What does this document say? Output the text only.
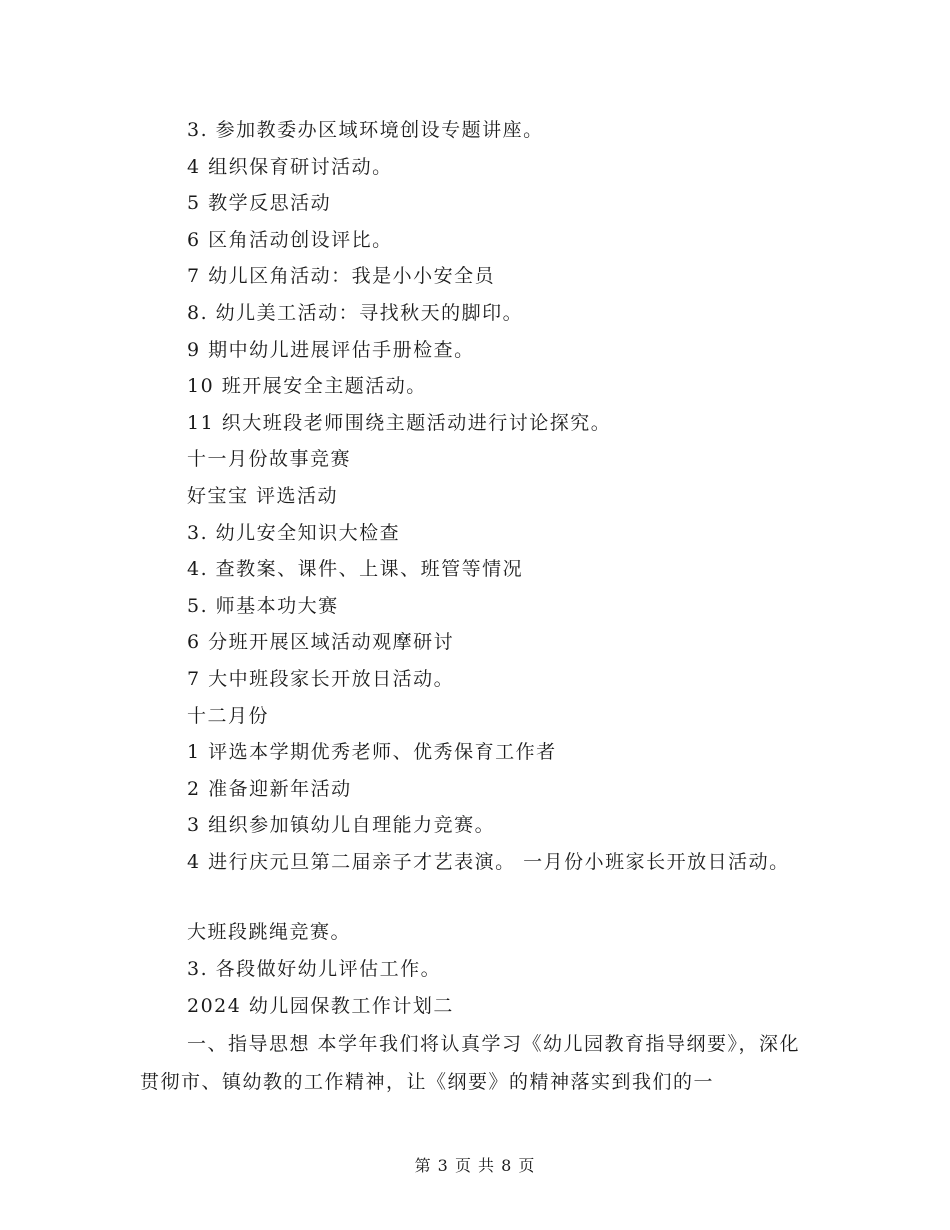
3. 参加教委办区域环境创设专题讲座。
4 组织保育研讨活动。
5 教学反思活动
6 区角活动创设评比。
7 幼儿区角活动：我是小小安全员
8. 幼儿美工活动：寻找秋天的脚印。
9 期中幼儿进展评估手册检查。
10 班开展安全主题活动。
11 织大班段老师围绕主题活动进行讨论探究。
十一月份故事竞赛
好宝宝 评选活动
3. 幼儿安全知识大检查
4. 查教案、课件、上课、班管等情况
5. 师基本功大赛
6 分班开展区域活动观摩研讨
7 大中班段家长开放日活动。
十二月份
1 评选本学期优秀老师、优秀保育工作者
2 准备迎新年活动
3 组织参加镇幼儿自理能力竞赛。
4 进行庆元旦第二届亲子才艺表演。 一月份小班家长开放日活动。
大班段跳绳竞赛。
3. 各段做好幼儿评估工作。
2024 幼儿园保教工作计划二
一、指导思想 本学年我们将认真学习《幼儿园教育指导纲要》，深化贯彻市、镇幼教的工作精神，让《纲要》的精神落实到我们的一
第 3 页 共 8 页
